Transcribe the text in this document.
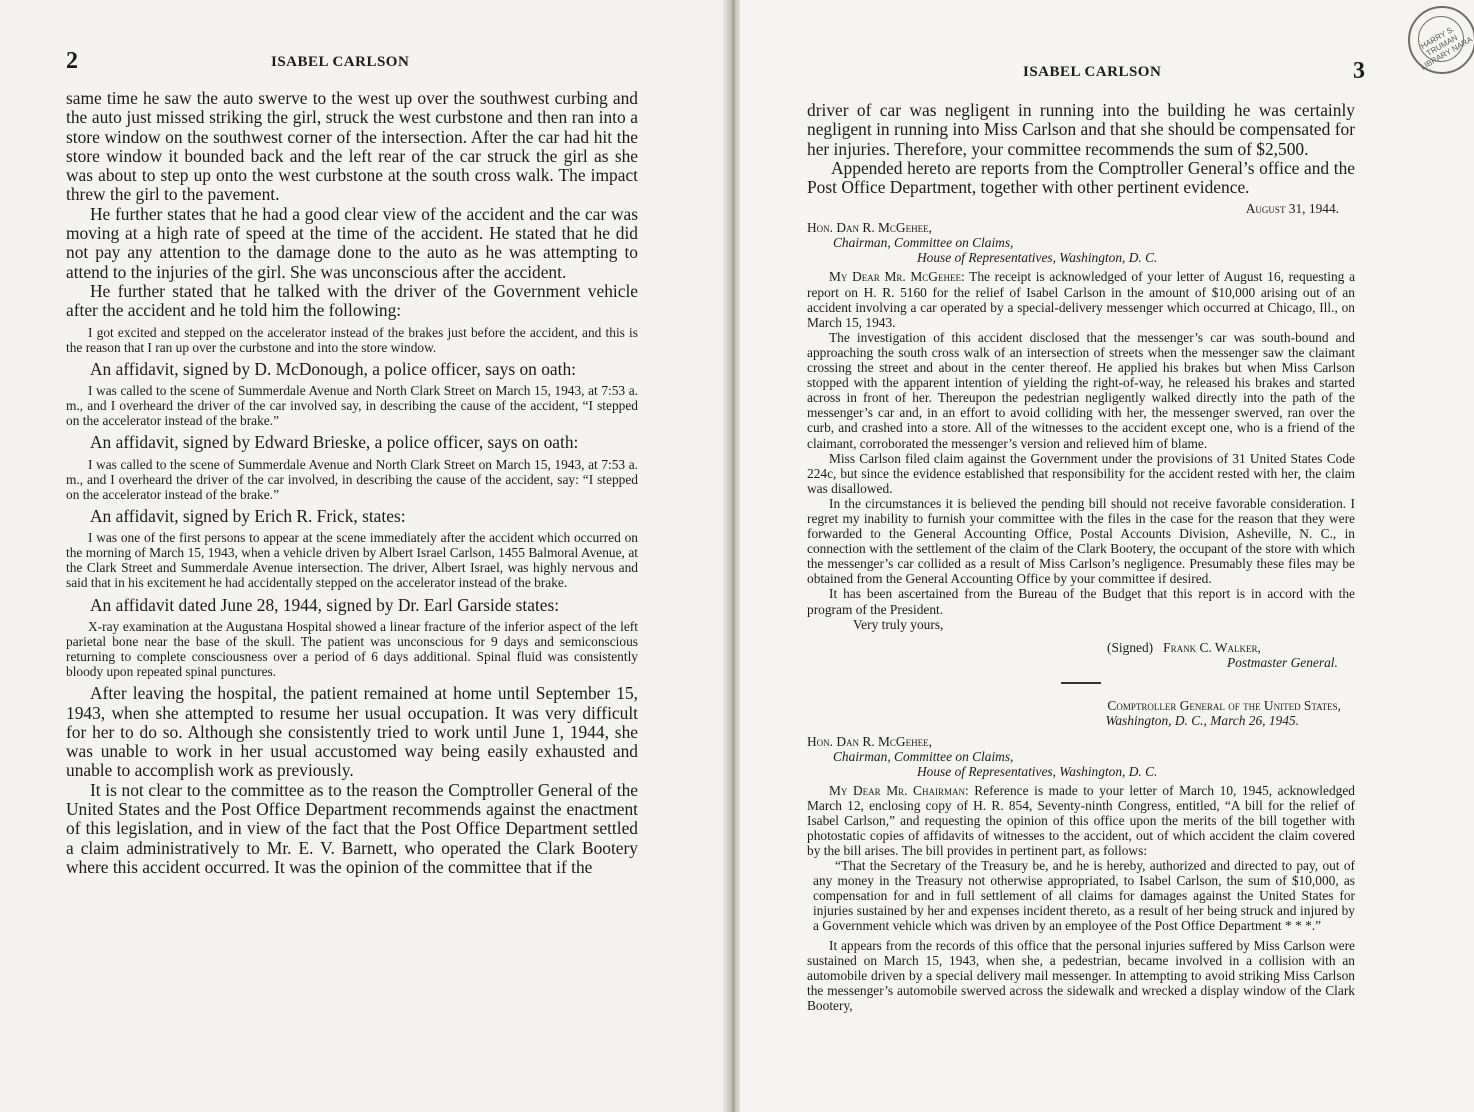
2	ISABEL CARLSON

same time he saw the auto swerve to the west up over the southwest curbing and the auto just missed striking the girl, struck the west curbstone and then ran into a store window on the southwest corner of the intersection. After the car had hit the store window it bounded back and the left rear of the car struck the girl as she was about to step up onto the west curbstone at the south cross walk. The impact threw the girl to the pavement.

He further states that he had a good clear view of the accident and the car was moving at a high rate of speed at the time of the accident. He stated that he did not pay any attention to the damage done to the auto as he was attempting to attend to the injuries of the girl. She was unconscious after the accident.

He further stated that he talked with the driver of the Government vehicle after the accident and he told him the following:

I got excited and stepped on the accelerator instead of the brakes just before the accident, and this is the reason that I ran up over the curbstone and into the store window.

An affidavit, signed by D. McDonough, a police officer, says on oath:

I was called to the scene of Summerdale Avenue and North Clark Street on March 15, 1943, at 7:53 a. m., and I overheard the driver of the car involved say, in describing the cause of the accident, “I stepped on the accelerator instead of the brake.”

An affidavit, signed by Edward Brieske, a police officer, says on oath:

I was called to the scene of Summerdale Avenue and North Clark Street on March 15, 1943, at 7:53 a. m., and I overheard the driver of the car involved, in describing the cause of the accident, say: “I stepped on the accelerator instead of the brake.”

An affidavit, signed by Erich R. Frick, states:

I was one of the first persons to appear at the scene immediately after the accident which occurred on the morning of March 15, 1943, when a vehicle driven by Albert Israel Carlson, 1455 Balmoral Avenue, at the Clark Street and Summerdale Avenue intersection. The driver, Albert Israel, was highly nervous and said that in his excitement he had accidentally stepped on the accelerator instead of the brake.

An affidavit dated June 28, 1944, signed by Dr. Earl Garside states:

X-ray examination at the Augustana Hospital showed a linear fracture of the inferior aspect of the left parietal bone near the base of the skull. The patient was unconscious for 9 days and semiconscious returning to complete consciousness over a period of 6 days additional. Spinal fluid was consistently bloody upon repeated spinal punctures.

After leaving the hospital, the patient remained at home until September 15, 1943, when she attempted to resume her usual occupation. It was very difficult for her to do so. Although she consistently tried to work until June 1, 1944, she was unable to work in her usual accustomed way being easily exhausted and unable to accomplish work as previously.

It is not clear to the committee as to the reason the Comptroller General of the United States and the Post Office Department recommends against the enactment of this legislation, and in view of the fact that the Post Office Department settled a claim administratively to Mr. E. V. Barnett, who operated the Clark Bootery where this accident occurred. It was the opinion of the committee that if the

ISABEL CARLSON	3
HARRY S. TRUMAN LIBRARY NARA

driver of car was negligent in running into the building he was certainly negligent in running into Miss Carlson and that she should be compensated for her injuries. Therefore, your committee recommends the sum of $2,500.

Appended hereto are reports from the Comptroller General’s office and the Post Office Department, together with other pertinent evidence.

August 31, 1944.
Hon. Dan R. McGehee,
Chairman, Committee on Claims,
House of Representatives, Washington, D. C.

My Dear Mr. McGehee: The receipt is acknowledged of your letter of August 16, requesting a report on H. R. 5160 for the relief of Isabel Carlson in the amount of $10,000 arising out of an accident involving a car operated by a special-delivery messenger which occurred at Chicago, Ill., on March 15, 1943.

The investigation of this accident disclosed that the messenger’s car was south-bound and approaching the south cross walk of an intersection of streets when the messenger saw the claimant crossing the street and about in the center thereof. He applied his brakes but when Miss Carlson stopped with the apparent intention of yielding the right-of-way, he released his brakes and started across in front of her. Thereupon the pedestrian negligently walked directly into the path of the messenger’s car and, in an effort to avoid colliding with her, the messenger swerved, ran over the curb, and crashed into a store. All of the witnesses to the accident except one, who is a friend of the claimant, corroborated the messenger’s version and relieved him of blame.

Miss Carlson filed claim against the Government under the provisions of 31 United States Code 224c, but since the evidence established that responsibility for the accident rested with her, the claim was disallowed.

In the circumstances it is believed the pending bill should not receive favorable consideration. I regret my inability to furnish your committee with the files in the case for the reason that they were forwarded to the General Accounting Office, Postal Accounts Division, Asheville, N. C., in connection with the settlement of the claim of the Clark Bootery, the occupant of the store with which the messenger’s car collided as a result of Miss Carlson’s negligence. Presumably these files may be obtained from the General Accounting Office by your committee if desired.

It has been ascertained from the Bureau of the Budget that this report is in accord with the program of the President.

Very truly yours,
(Signed) Frank C. Walker,
Postmaster General.
Comptroller General of the United States,
Washington, D. C., March 26, 1945.
Hon. Dan R. McGehee,
Chairman, Committee on Claims,
House of Representatives, Washington, D. C.

My Dear Mr. Chairman: Reference is made to your letter of March 10, 1945, acknowledged March 12, enclosing copy of H. R. 854, Seventy-ninth Congress, entitled, “A bill for the relief of Isabel Carlson,” and requesting the opinion of this office upon the merits of the bill together with photostatic copies of affidavits of witnesses to the accident, out of which accident the claim covered by the bill arises. The bill provides in pertinent part, as follows:

“That the Secretary of the Treasury be, and he is hereby, authorized and directed to pay, out of any money in the Treasury not otherwise appropriated, to Isabel Carlson, the sum of $10,000, as compensation for and in full settlement of all claims for damages against the United States for injuries sustained by her and expenses incident thereto, as a result of her being struck and injured by a Government vehicle which was driven by an employee of the Post Office Department * * *.”

It appears from the records of this office that the personal injuries suffered by Miss Carlson were sustained on March 15, 1943, when she, a pedestrian, became involved in a collision with an automobile driven by a special delivery mail messenger. In attempting to avoid striking Miss Carlson the messenger’s automobile swerved across the sidewalk and wrecked a display window of the Clark Bootery,
